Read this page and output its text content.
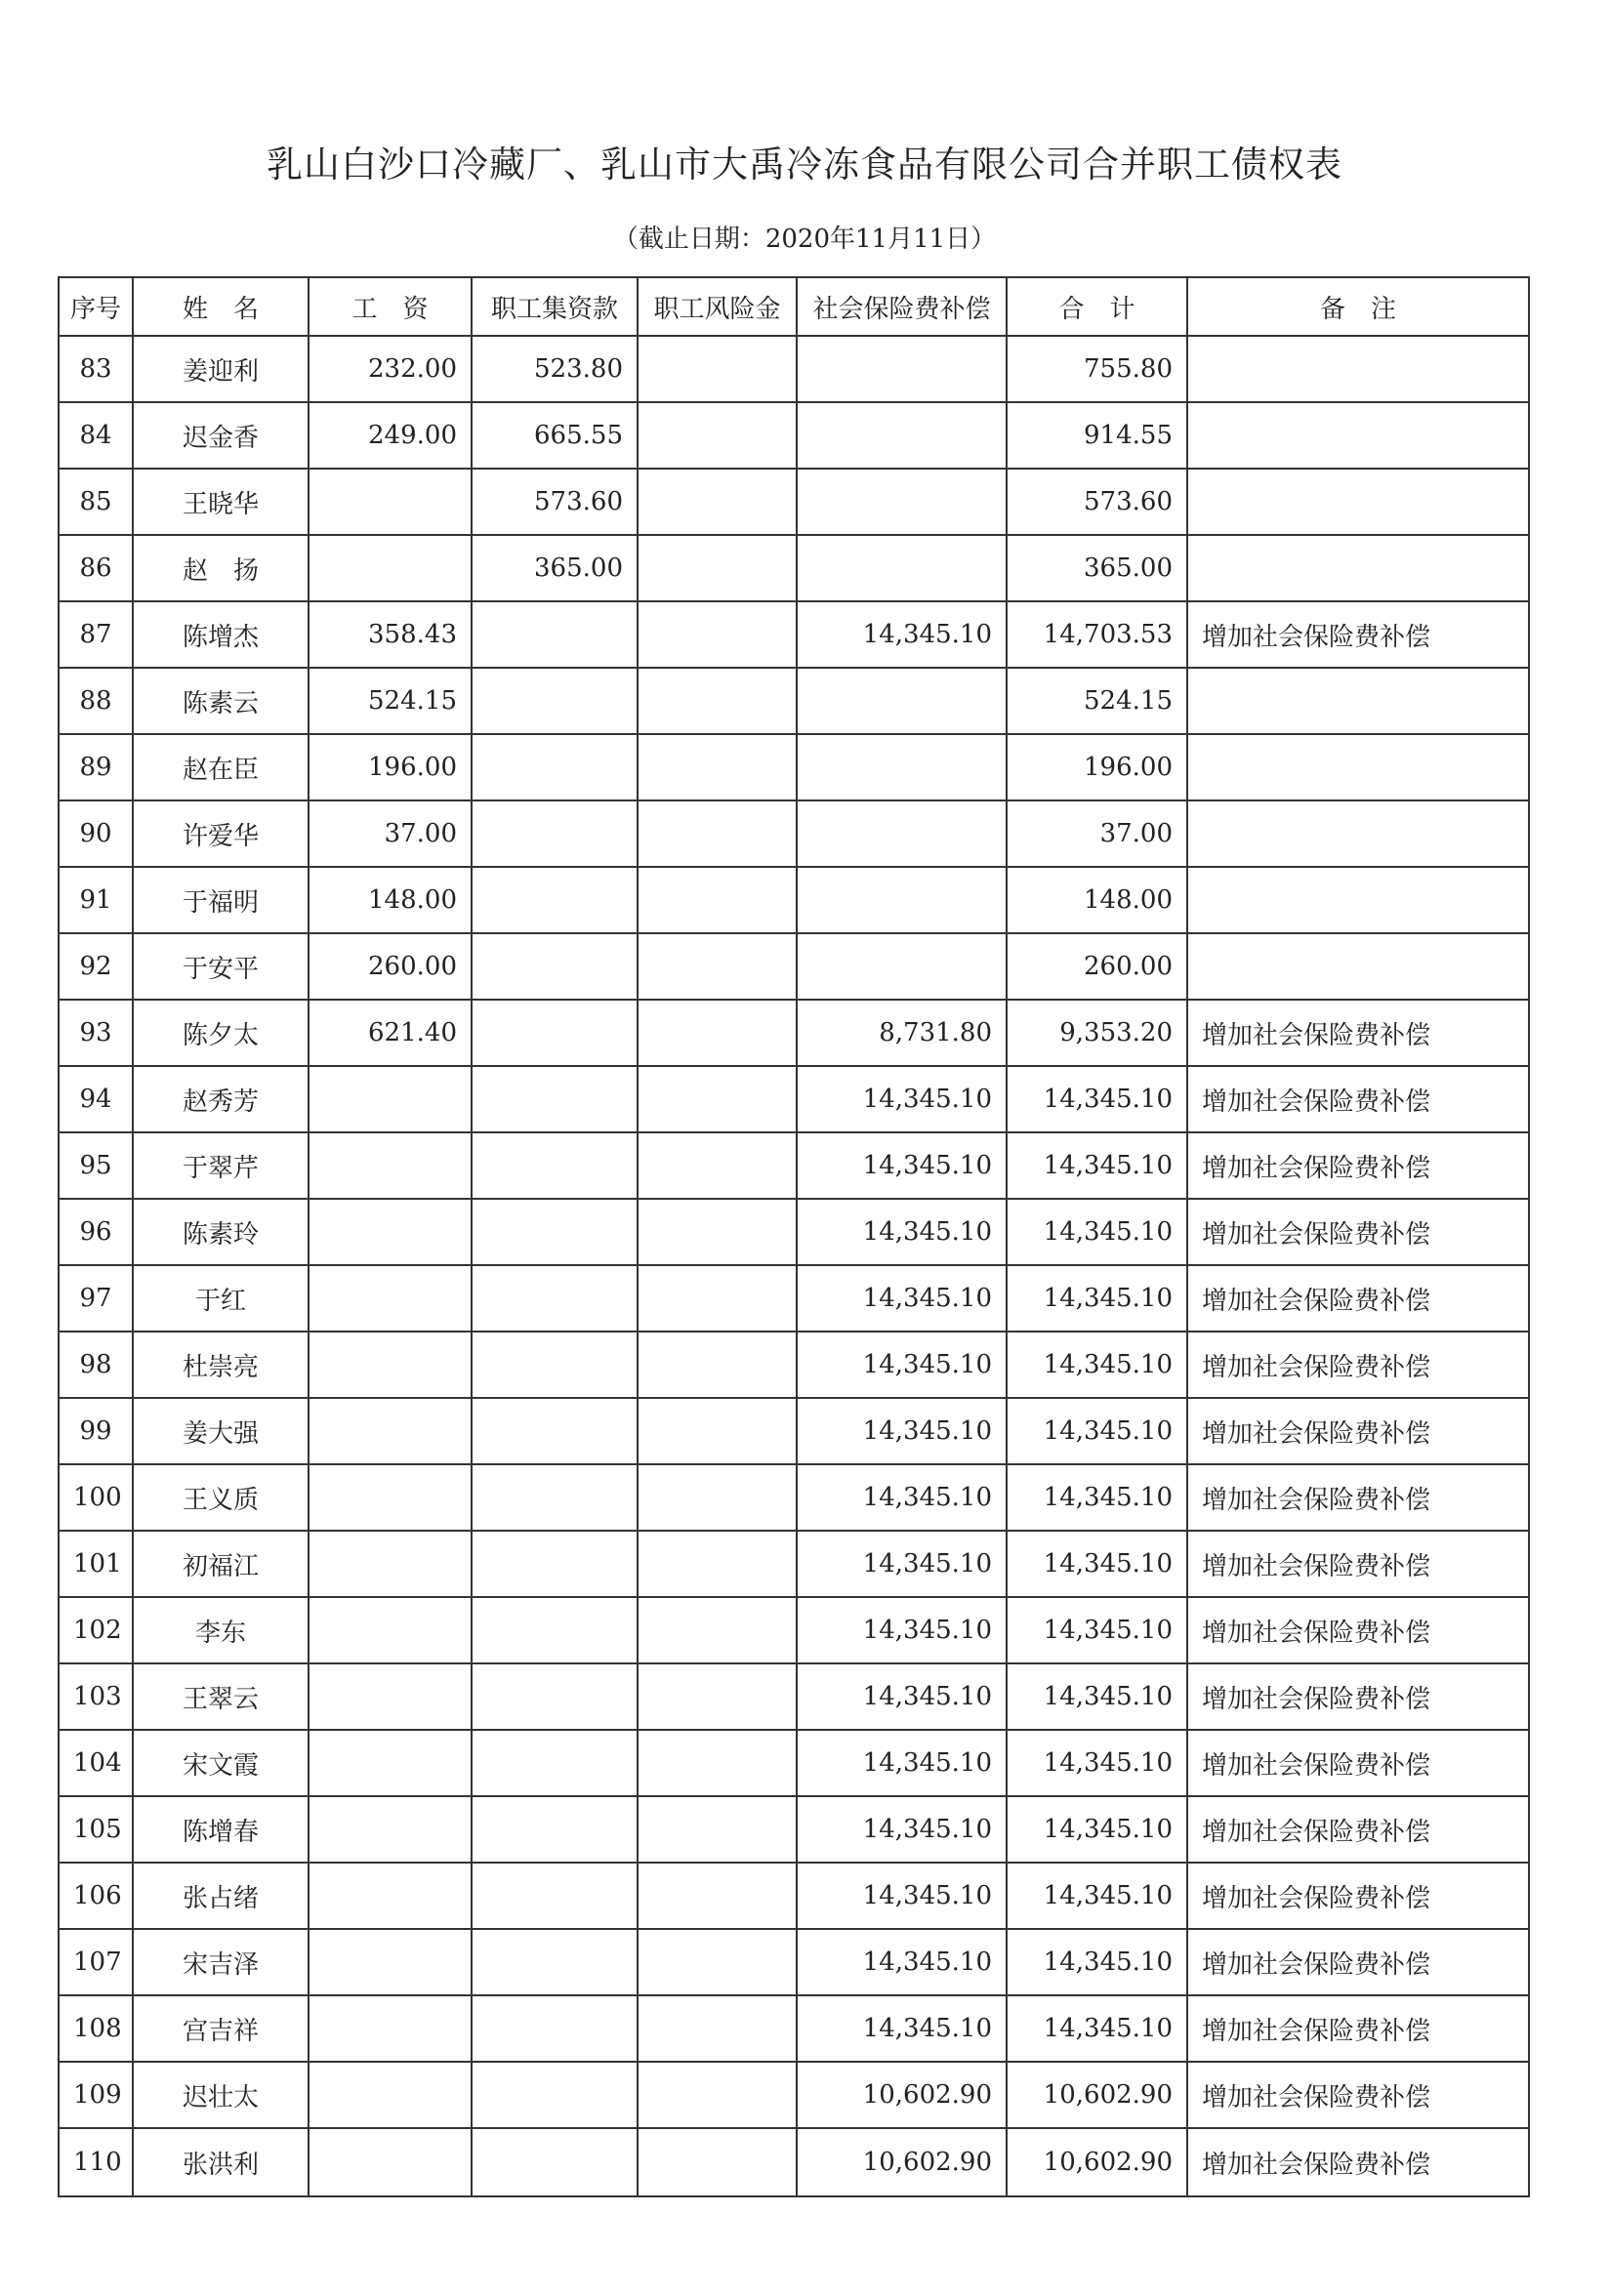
乳山白沙口冷藏厂、乳山市大禹冷冻食品有限公司合并职工债权表
（截止日期：2020年11月11日）
序号	姓　名	工　资	职工集资款	职工风险金	社会保险费补偿	合　计	备　注
83	姜迎利	232.00	523.80			755.80	
84	迟金香	249.00	665.55			914.55	
85	王晓华		573.60			573.60	
86	赵　扬		365.00			365.00	
87	陈增杰	358.43			14,345.10	14,703.53	增加社会保险费补偿
88	陈素云	524.15				524.15	
89	赵在臣	196.00				196.00	
90	许爱华	37.00				37.00	
91	于福明	148.00				148.00	
92	于安平	260.00				260.00	
93	陈夕太	621.40			8,731.80	9,353.20	增加社会保险费补偿
94	赵秀芳				14,345.10	14,345.10	增加社会保险费补偿
95	于翠芹				14,345.10	14,345.10	增加社会保险费补偿
96	陈素玲				14,345.10	14,345.10	增加社会保险费补偿
97	于红				14,345.10	14,345.10	增加社会保险费补偿
98	杜崇亮				14,345.10	14,345.10	增加社会保险费补偿
99	姜大强				14,345.10	14,345.10	增加社会保险费补偿
100	王义质				14,345.10	14,345.10	增加社会保险费补偿
101	初福江				14,345.10	14,345.10	增加社会保险费补偿
102	李东				14,345.10	14,345.10	增加社会保险费补偿
103	王翠云				14,345.10	14,345.10	增加社会保险费补偿
104	宋文霞				14,345.10	14,345.10	增加社会保险费补偿
105	陈增春				14,345.10	14,345.10	增加社会保险费补偿
106	张占绪				14,345.10	14,345.10	增加社会保险费补偿
107	宋吉泽				14,345.10	14,345.10	增加社会保险费补偿
108	宫吉祥				14,345.10	14,345.10	增加社会保险费补偿
109	迟壮太				10,602.90	10,602.90	增加社会保险费补偿
110	张洪利				10,602.90	10,602.90	增加社会保险费补偿
